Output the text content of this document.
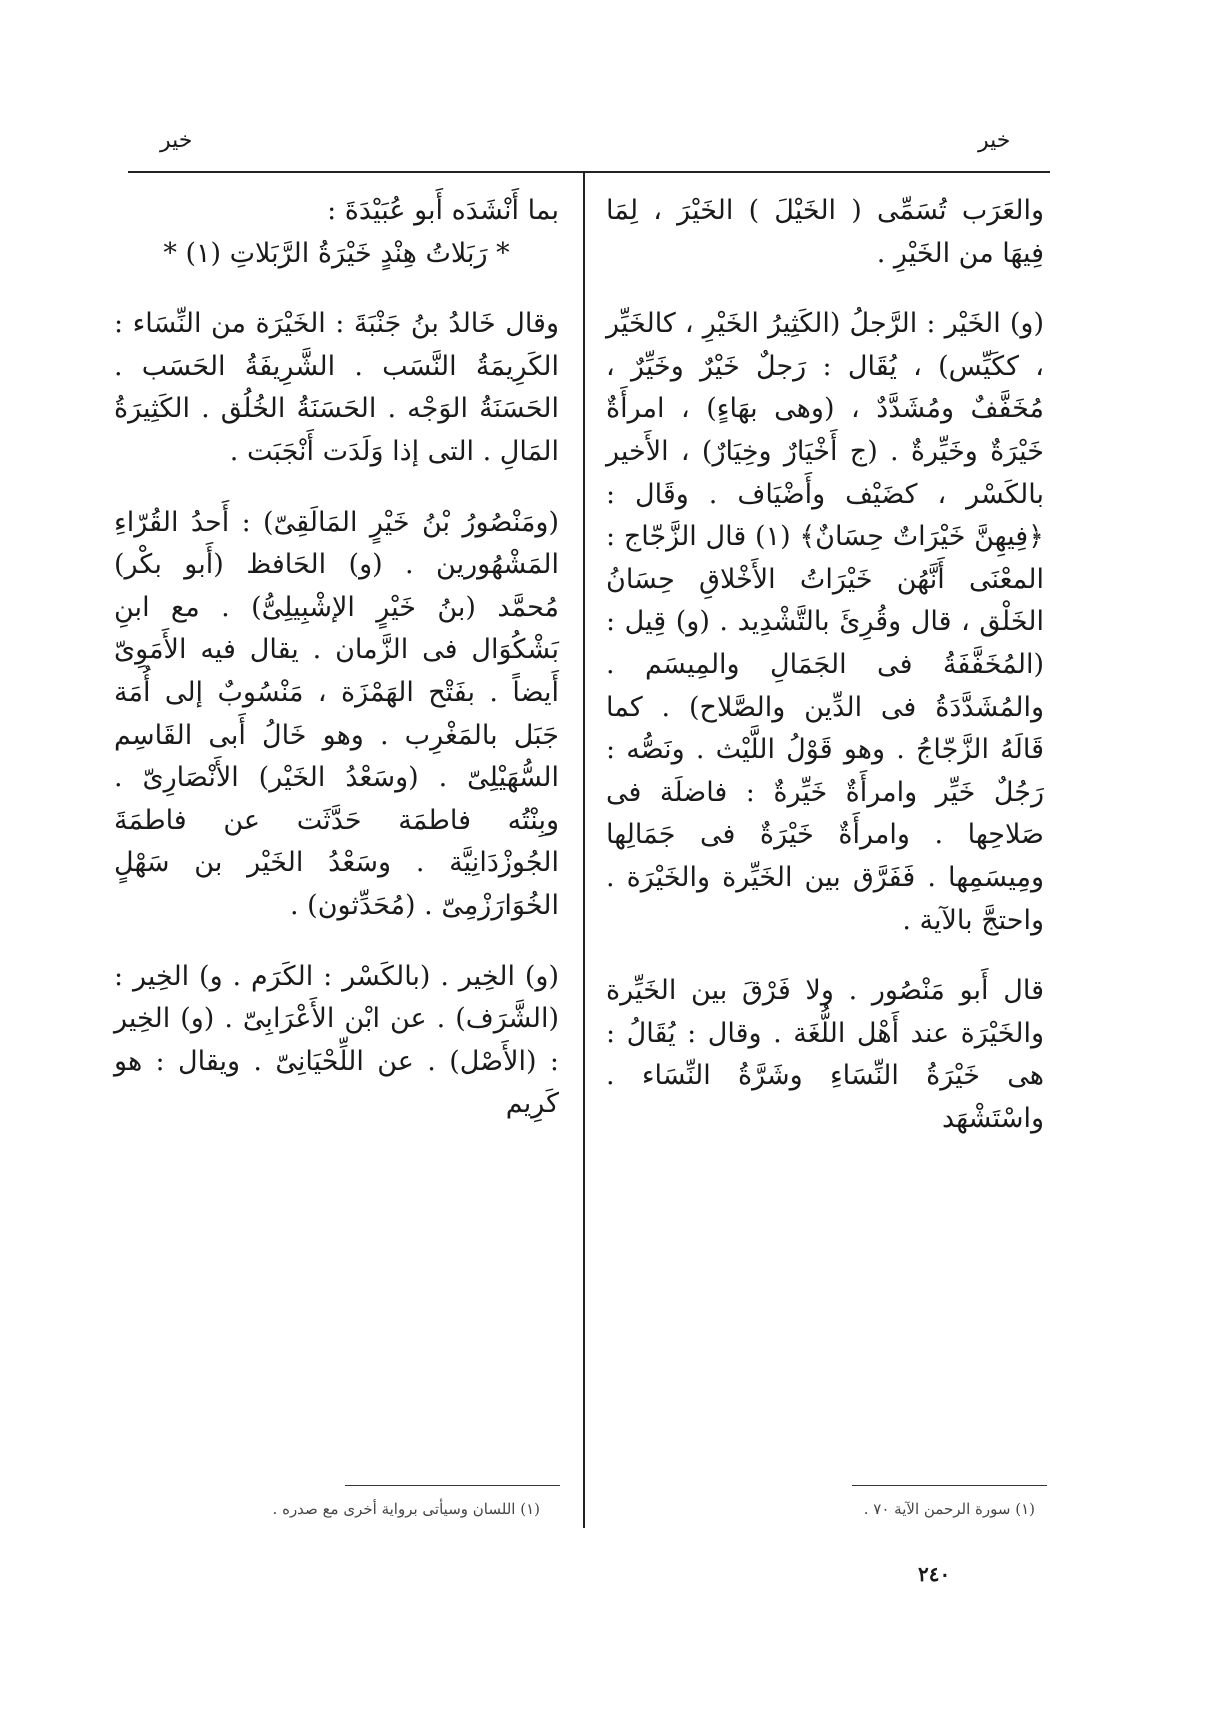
خير	خير

والعَرَب تُسَمِّى ( الخَيْلَ ) الخَيْرَ ، لِمَا فِيهَا من الخَيْرِ .

(و) الخَيْر : الرَّجلُ (الكَثِيرُ الخَيْرِ ، كالخَيِّر ، ككَيِّس) ، يُقَال : رَجلٌ خَيْرٌ وخَيِّرٌ ، مُخَفَّفٌ ومُشَدَّدٌ ، (وهى بهَاءٍ) ، امرأَةٌ خَيْرَةٌ وخَيِّرةٌ . (ج أَخْيَارٌ وخِيَارٌ) ، الأَخير بالكَسْر ، كضَيْف وأَضْيَاف . وقَال : ﴿فِيهِنَّ خَيْرَاتٌ حِسَانٌ﴾ (١) قال الزَّجّاج : المعْنَى أَنَّهُن خَيْرَاتُ الأَخْلاقِ حِسَانُ الخَلْق ، قال وقُرِئَ بالتَّشْدِيد . (و) قِيل : (المُخَفَّفَةُ فى الجَمَالِ والمِيسَم . والمُشَدَّدَةُ فى الدِّين والصَّلاح) . كما قَالَهُ الزَّجّاجُ . وهو قَوْلُ اللَّيْث . ونَصُّه : رَجُلٌ خَيِّر وامرأَةٌ خَيِّرةٌ : فاضلَة فى صَلاحِها . وامرأَةٌ خَيْرَةٌ فى جَمَالِها ومِيسَمِها . فَفَرَّق بين الخَيِّرة والخَيْرَة . واحتجَّ بالآية .

قال أَبو مَنْصُور . ولا فَرْقَ بين الخَيِّرة والخَيْرَة عند أَهْل اللُّغَة . وقال : يُقَالُ : هى خَيْرَةُ النِّسَاءِ وشَرَّةُ النِّسَاء . واسْتَشْهَد

بما أَنْشَدَه أَبو عُبَيْدَةَ :

* رَبَلاتُ هِنْدٍ خَيْرَةُ الرَّبَلاتِ (١) *

وقال خَالدُ بنُ جَنْبَةَ : الخَيْرَة من النِّسَاء : الكَرِيمَةُ النَّسَب . الشَّرِيفَةُ الحَسَب . الحَسَنَةُ الوَجْه . الحَسَنَةُ الخُلُق . الكَثِيرَةُ المَالِ . التى إذا وَلَدَت أَنْجَبَت .

(ومَنْصُورُ بْنُ خَيْرٍ المَالَقِىّ) : أَحدُ القُرّاءِ المَشْهُورين . (و) الحَافظ (أَبو بكْر) مُحمَّد (بنُ خَيْرٍ الإشْبِيلِىُّ) . مع ابنِ بَشْكُوَال فى الزَّمان . يقال فيه الأَمَوِىّ أَيضاً . بفَتْح الهَمْزَة ، مَنْسُوبٌ إلى أُمَة جَبَل بالمَغْرِب . وهو خَالُ أَبى القَاسِم السُّهَيْلِىّ . (وسَعْدُ الخَيْر) الأَنْصَارِىّ . وبِنْتُه فاطمَة حَدَّثَت عن فاطمَةَ الجُوزْدَانِيَّة . وسَعْدُ الخَيْر بن سَهْلٍ الخُوَارَزْمِىّ . (مُحَدِّثون) .

(و) الخِير . (بالكَسْر : الكَرَم . و) الخِير : (الشَّرَف) . عن ابْن الأَعْرَابِىّ . (و) الخِير : (الأَصْل) . عن اللِّحْيَانِىّ . ويقال : هو كَرِيم

(١) سورة الرحمن الآية ٧٠ .
(١) اللسان وسيأتى برواية أخرى مع صدره .
٢٤٠
